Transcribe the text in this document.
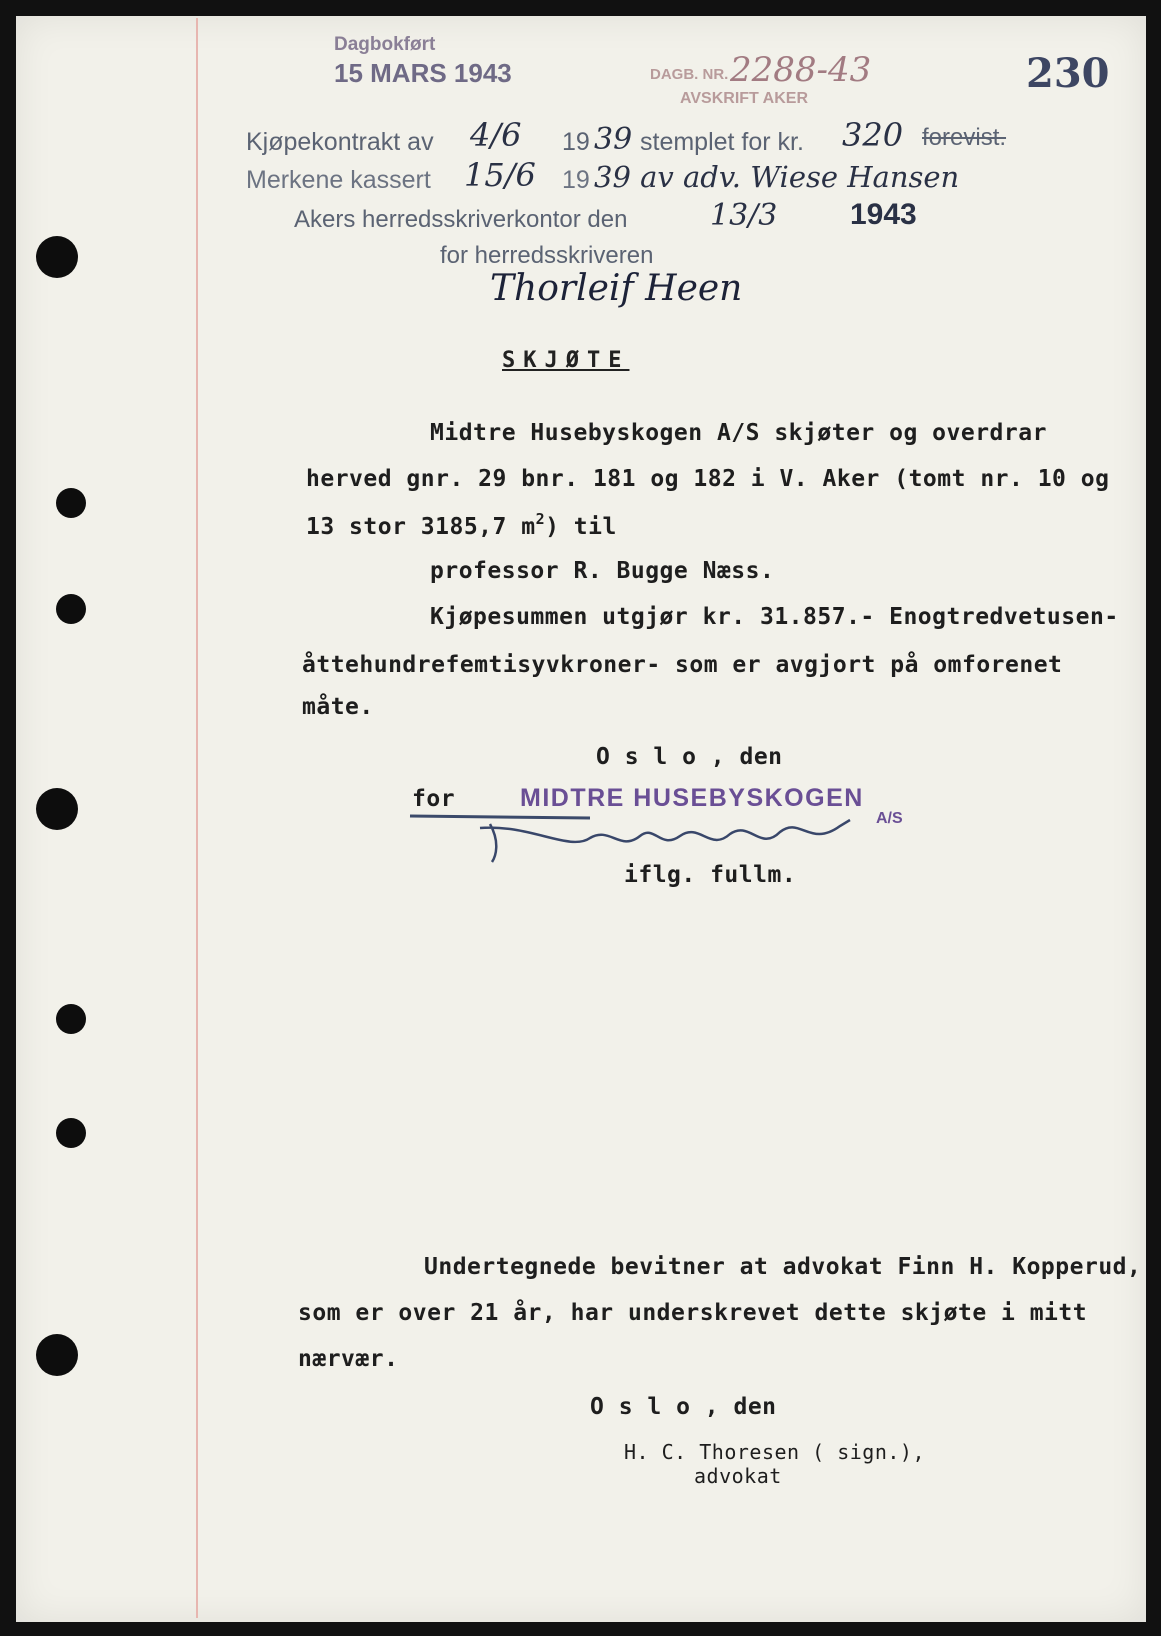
Dagbokført
15 MARS 1943	DAGB. NR. 2288-43
AVSKRIFT AKER
230
Kjøpekontrakt av 4/6 19 39 stemplet for kr. 320 forevist.
Merkene kassert 15/6 19 39 av adv. Wiese Hansen
Akers herredsskriverkontor den	13/3 1943
for herredsskriveren
Thorleif Heen
SKJØTE
Midtre Husebyskogen A/S skjøter og overdrar
herved gnr. 29 bnr. 181 og 182 i V. Aker (tomt nr. 10 og
13 stor 3185,7 $m^2$) til
professor R. Bugge Næss.
Kjøpesummen utgjør kr. 31.857.- Enogtredvetusen-
åttehundrefemtisyvkroner- som er avgjort på omforenet
måte.
O s l o , den
for	MIDTRE HUSEBYSKOGEN
A/S
iflg. fullm.
Undertegnede bevitner at advokat Finn H. Kopperud,
som er over 21 år, har underskrevet dette skjøte i mitt
nærvær.
O s l o , den
H. C. Thoresen ( sign.),
advokat
